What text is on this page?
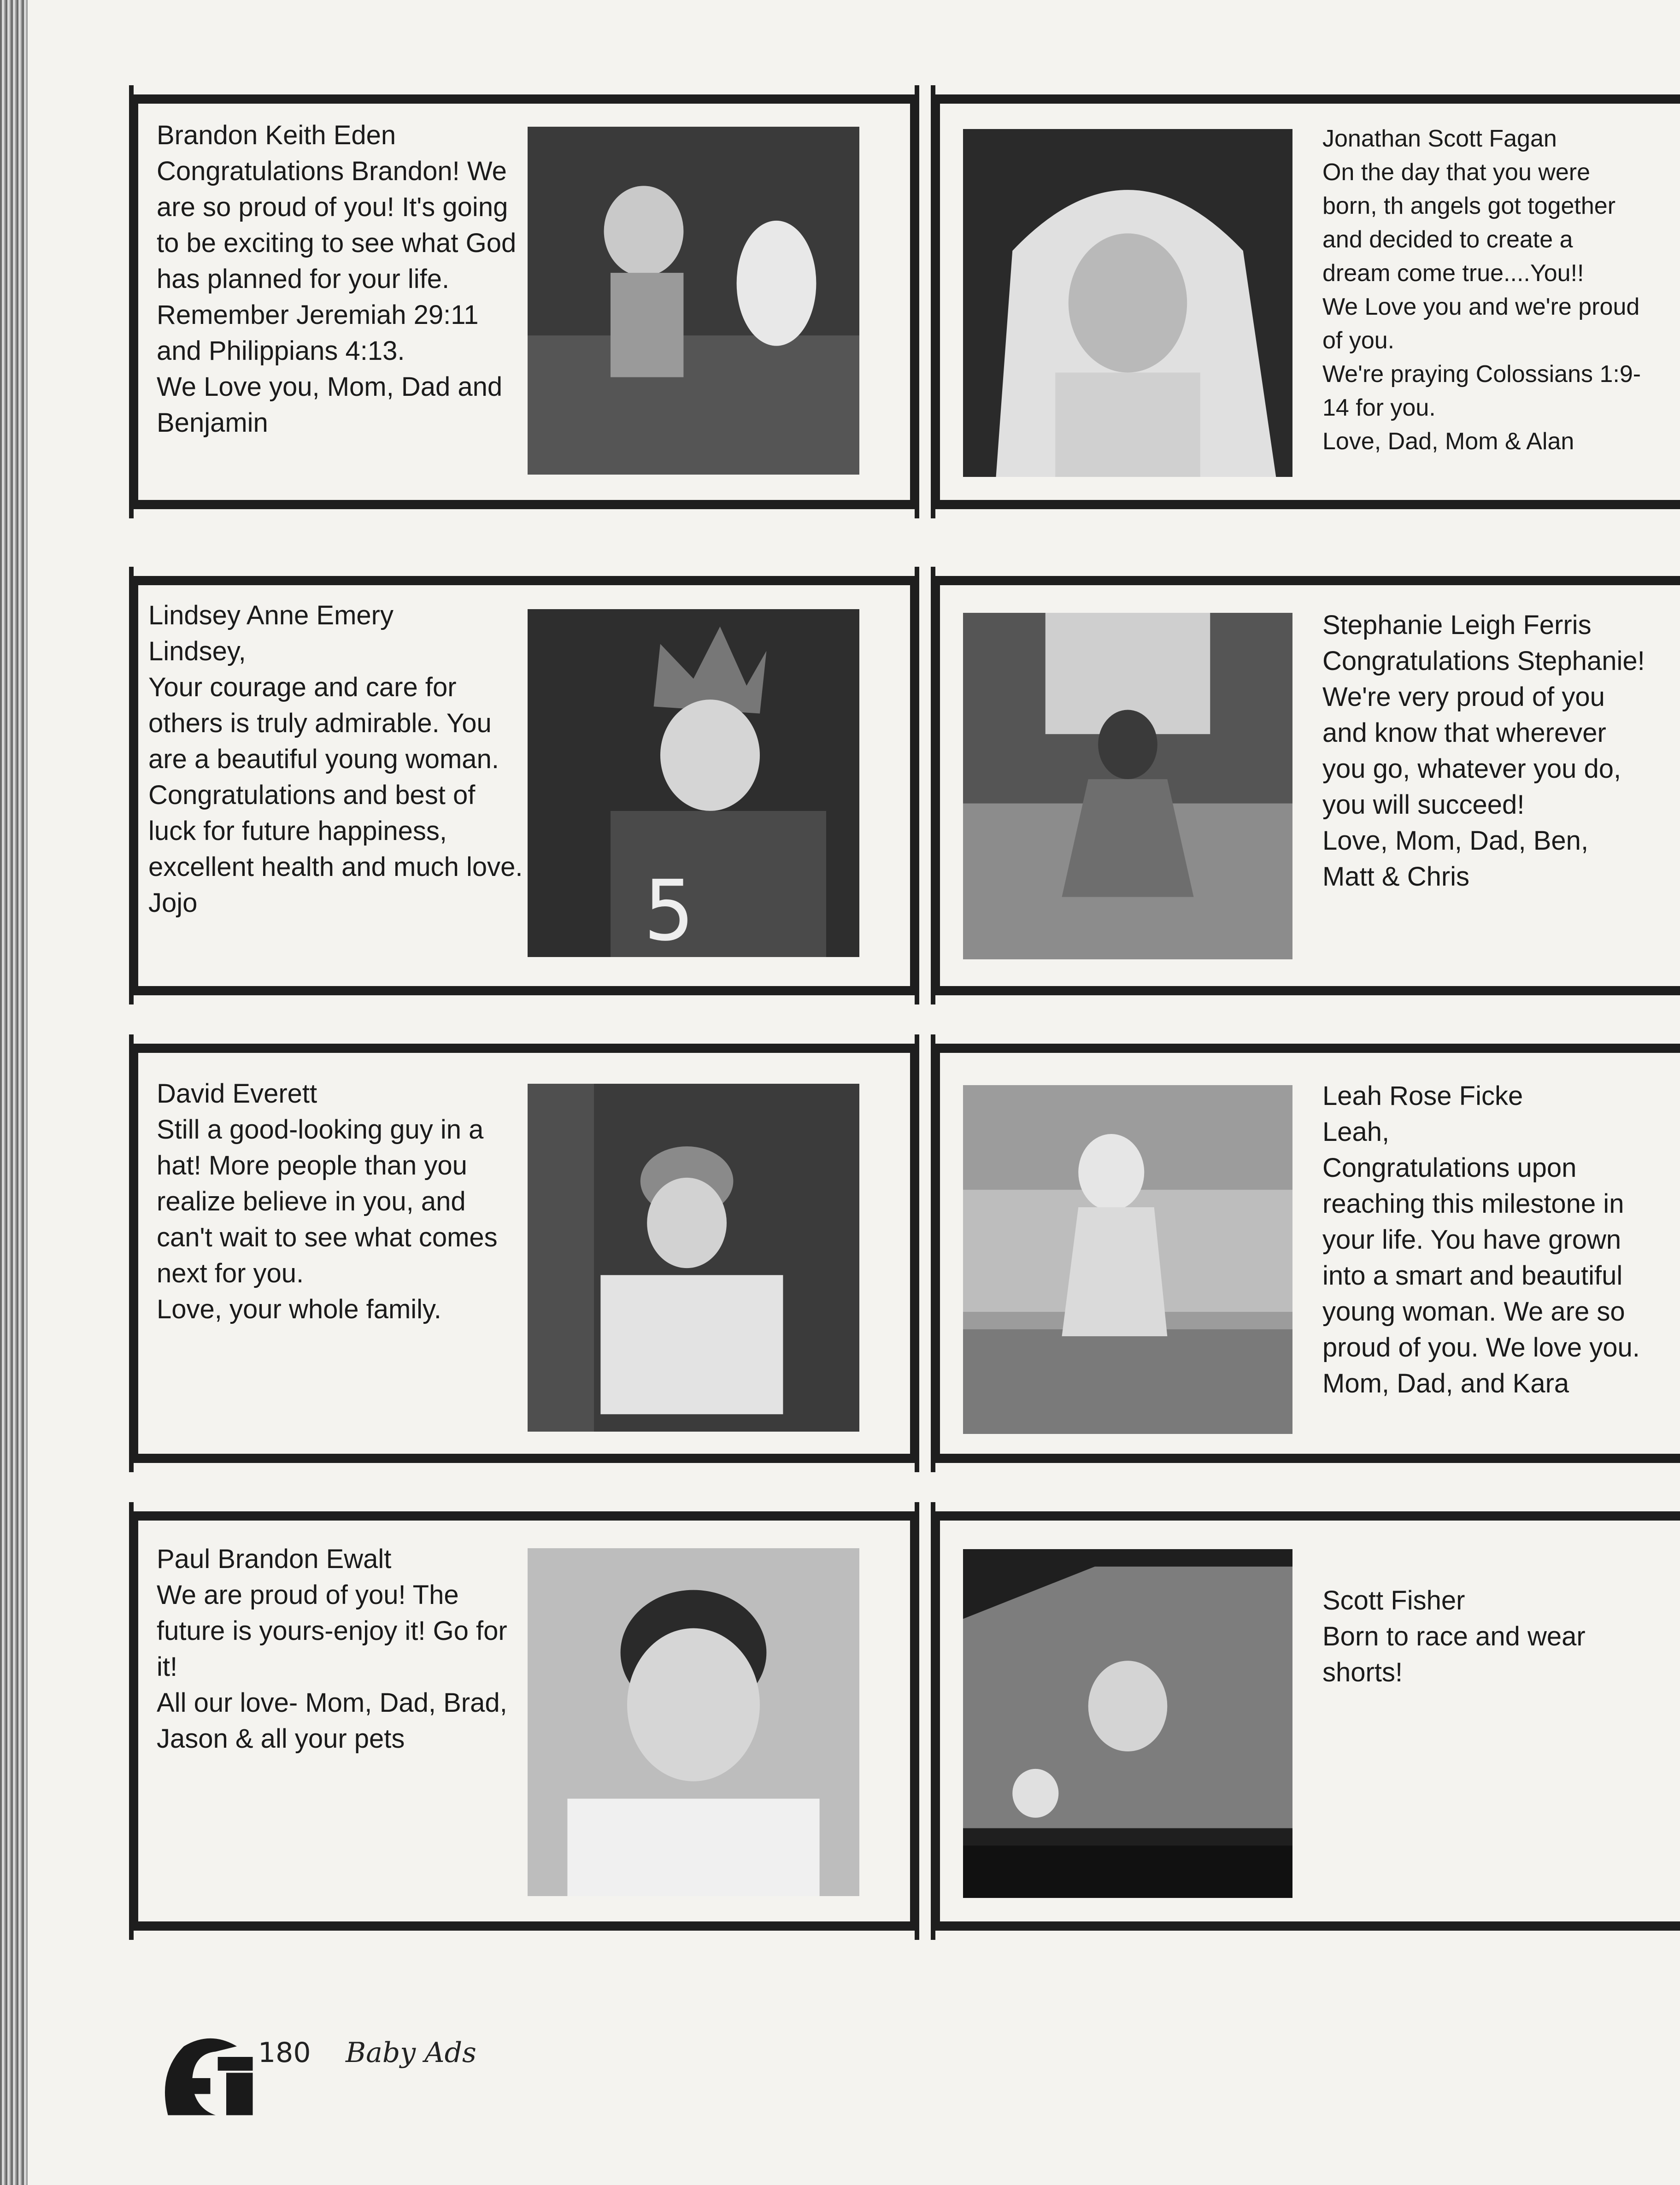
Brandon Keith Eden
Congratulations Brandon! We are so proud of you! It's going to be exciting to see what God has planned for your life.
Remember Jeremiah 29:11 and Philippians 4:13.
We Love you, Mom, Dad and Benjamin
Jonathan Scott Fagan
On the day that you were born, th angels got together and decided to create a dream come true....You!!
We Love you and we're proud of you.
We're praying Colossians 1:9-14 for you.
Love, Dad, Mom & Alan
Lindsey Anne Emery
Lindsey,
Your courage and care for others is truly admirable. You are a beautiful young woman. Congratulations and best of luck for future happiness, excellent health and much love.
Jojo	5
Stephanie Leigh Ferris
Congratulations Stephanie! We're very proud of you and know that wherever you go, whatever you do, you will succeed!
Love, Mom, Dad, Ben, Matt & Chris
David Everett
Still a good-looking guy in a hat! More people than you realize believe in you, and can't wait to see what comes next for you.
Love, your whole family.
Leah Rose Ficke
Leah,
Congratulations upon reaching this milestone in your life. You have grown into a smart and beautiful young woman. We are so proud of you. We love you.
Mom, Dad, and Kara
Paul Brandon Ewalt
We are proud of you! The future is yours-enjoy it! Go for it!
All our love- Mom, Dad, Brad, Jason & all your pets
Scott Fisher
Born to race and wear shorts!
180 Baby Ads
